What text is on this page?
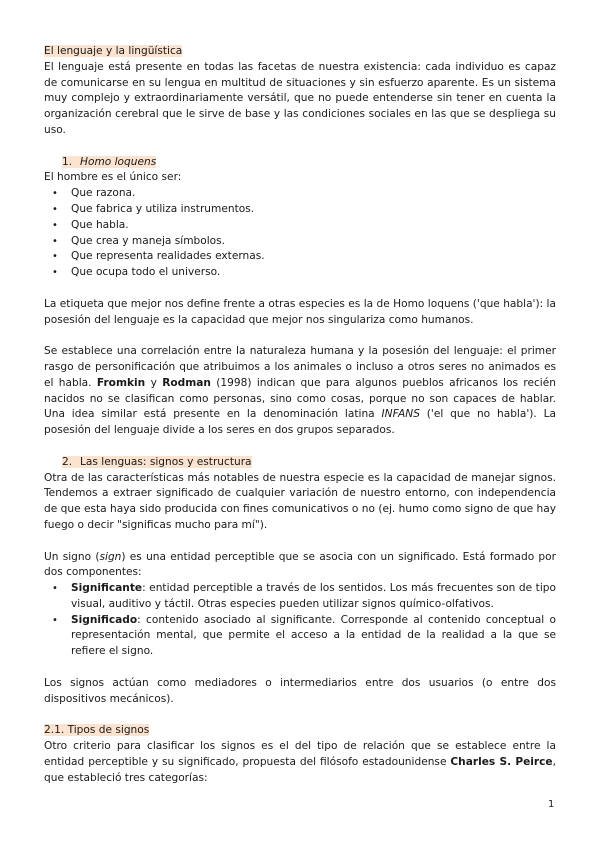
El lenguaje y la lingüística

El lenguaje está presente en todas las facetas de nuestra existencia: cada individuo es capaz de comunicarse en su lengua en multitud de situaciones y sin esfuerzo aparente. Es un sistema muy complejo y extraordinariamente versátil, que no puede entenderse sin tener en cuenta la organización cerebral que le sirve de base y las condiciones sociales en las que se despliega su uso.

1. Homo loquens
El hombre es el único ser:
• Que razona.
• Que fabrica y utiliza instrumentos.
• Que habla.
• Que crea y maneja símbolos.
• Que representa realidades externas.
• Que ocupa todo el universo.

La etiqueta que mejor nos define frente a otras especies es la de Homo loquens ('que habla'): la posesión del lenguaje es la capacidad que mejor nos singulariza como humanos.

Se establece una correlación entre la naturaleza humana y la posesión del lenguaje: el primer rasgo de personificación que atribuimos a los animales o incluso a otros seres no animados es el habla. Fromkin y Rodman (1998) indican que para algunos pueblos africanos los recién nacidos no se clasifican como personas, sino como cosas, porque no son capaces de hablar. Una idea similar está presente en la denominación latina INFANS ('el que no habla'). La posesión del lenguaje divide a los seres en dos grupos separados.

2. Las lenguas: signos y estructura

Otra de las características más notables de nuestra especie es la capacidad de manejar signos. Tendemos a extraer significado de cualquier variación de nuestro entorno, con independencia de que esta haya sido producida con fines comunicativos o no (ej. humo como signo de que hay fuego o decir "significas mucho para mí").

Un signo (sign) es una entidad perceptible que se asocia con un significado. Está formado por dos componentes:

• Significante: entidad perceptible a través de los sentidos. Los más frecuentes son de tipo visual, auditivo y táctil. Otras especies pueden utilizar signos químico-olfativos.
• Significado: contenido asociado al significante. Corresponde al contenido conceptual o representación mental, que permite el acceso a la entidad de la realidad a la que se refiere el signo.

Los signos actúan como mediadores o intermediarios entre dos usuarios (o entre dos dispositivos mecánicos).

2.1. Tipos de signos

Otro criterio para clasificar los signos es el del tipo de relación que se establece entre la entidad perceptible y su significado, propuesta del filósofo estadounidense Charles S. Peirce, que estableció tres categorías:

1
